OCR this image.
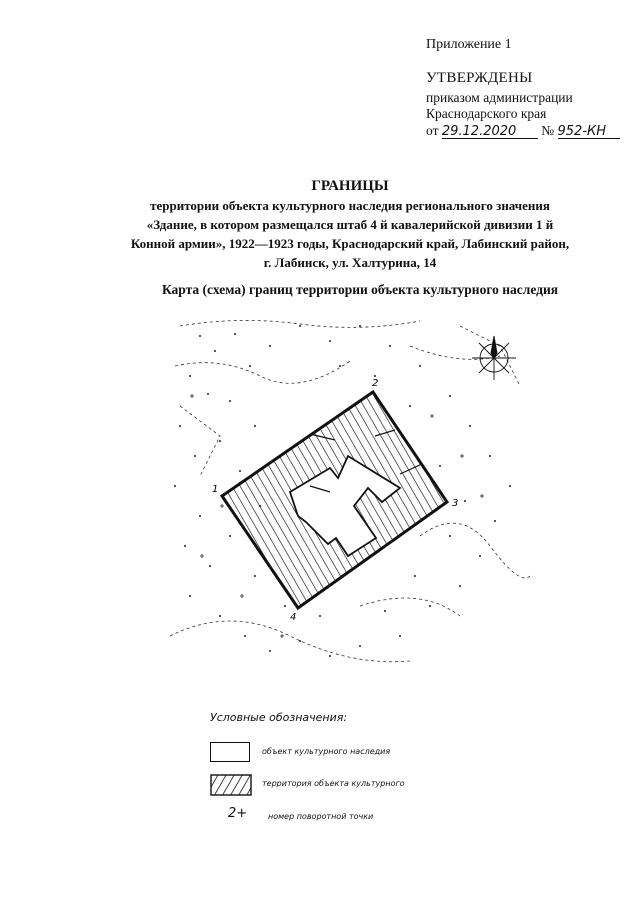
Приложение 1
УТВЕРЖДЕНЫ
приказом администрации
Краснодарского края
от 29.12.2020 № 952-КН
ГРАНИЦЫ
территории объекта культурного наследия регионального значения
«Здание, в котором размещался штаб 4 й кавалерийской дивизии 1 й
Конной армии», 1922—1923 годы, Краснодарский край, Лабинский район,
г. Лабинск, ул. Халтурина, 14
Карта (схема) границ территории объекта культурного наследия
1
2
3
4
Условные обозначения:
объект культурного наследия
территория объекта культурного
2+	номер поворотной точки
